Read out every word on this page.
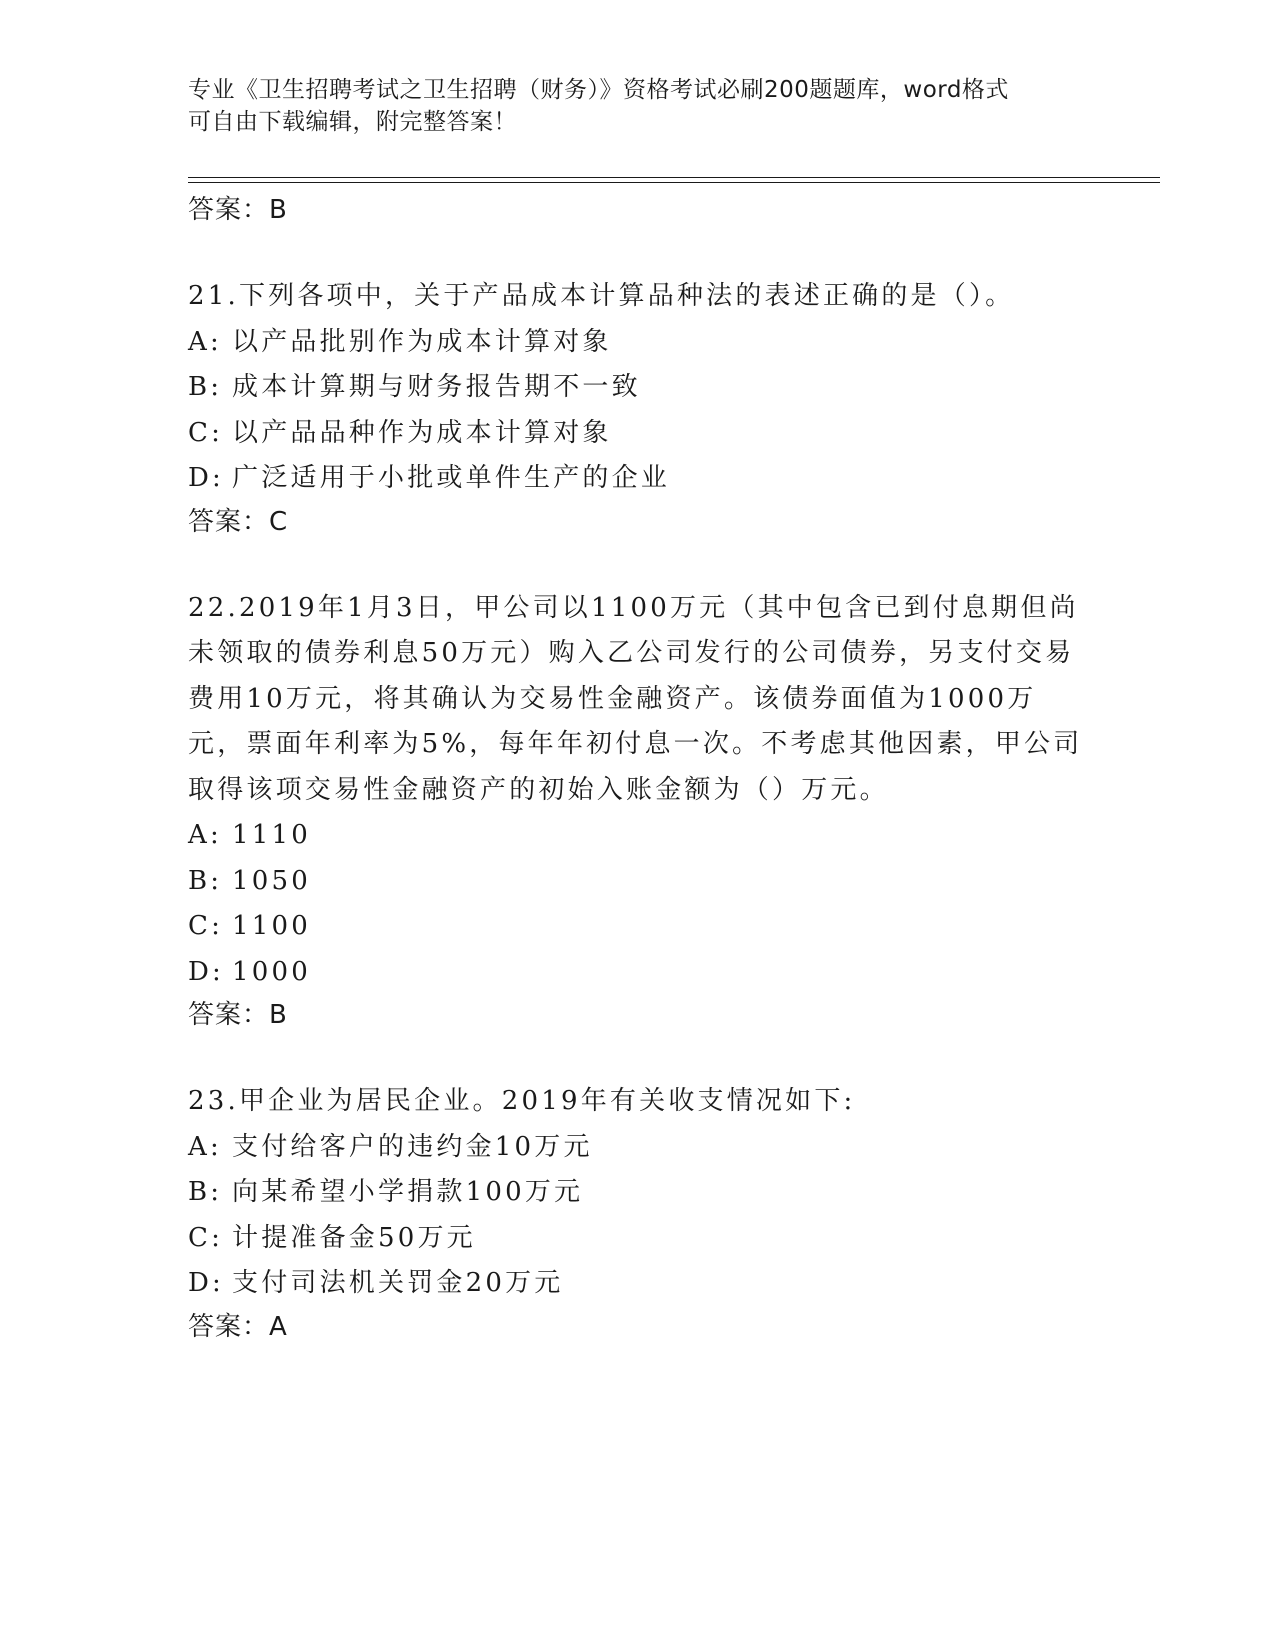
专业《卫生招聘考试之卫生招聘（财务）》资格考试必刷200题题库，word格式
可自由下载编辑，附完整答案！
答案：B
21.下列各项中，关于产品成本计算品种法的表述正确的是（）。
A: 以产品批别作为成本计算对象
B: 成本计算期与财务报告期不一致
C: 以产品品种作为成本计算对象
D: 广泛适用于小批或单件生产的企业
答案：C
22.2019年1月3日，甲公司以1100万元（其中包含已到付息期但尚未领取的债券利息50万元）购入乙公司发行的公司债券，另支付交易费用10万元，将其确认为交易性金融资产。该债券面值为1000万元，票面年利率为5%，每年年初付息一次。不考虑其他因素，甲公司取得该项交易性金融资产的初始入账金额为（）万元。
A: 1110
B: 1050
C: 1100
D: 1000
答案：B
23.甲企业为居民企业。2019年有关收支情况如下:
A: 支付给客户的违约金10万元
B: 向某希望小学捐款100万元
C: 计提准备金50万元
D: 支付司法机关罚金20万元
答案：A
